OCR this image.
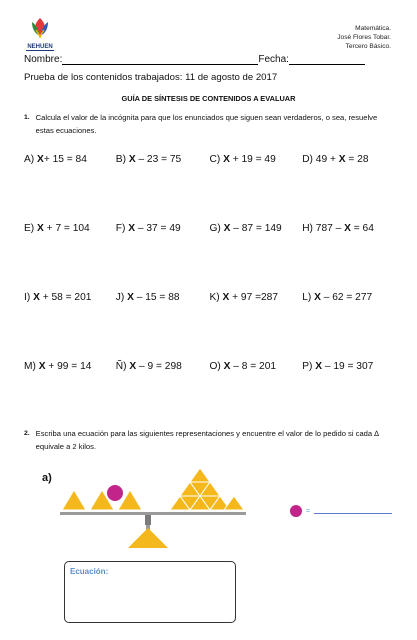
NEHUEN
Matemática.
José Flores Tobar.
Tercero Básico.
Nombre:	Fecha:
Prueba de los contenidos trabajados: 11 de agosto de 2017
GUÍA DE SÍNTESIS DE CONTENIDOS A EVALUAR
1. Calcula el valor de la incógnita para que los enunciados que siguen sean verdaderos, o sea, resuelve estas ecuaciones.
A) X+ 15 = 84	B) X – 23 = 75	C) X + 19 = 49	D) 49 + X = 28
E) X + 7 = 104	F) X – 37 = 49	G) X – 87 = 149	H) 787 – X = 64
I) X + 58 = 201	J) X – 15 = 88	K) X + 97 =287	L) X – 62 = 277
M) X + 99 = 14	Ñ) X – 9 = 298	O) X – 8 = 201	P) X – 19 = 307
2. Escriba una ecuación para las siguientes representaciones y encuentre el valor de lo pedido si cada ∆ equivale a 2 kilos.
a)
=
Ecuación:
